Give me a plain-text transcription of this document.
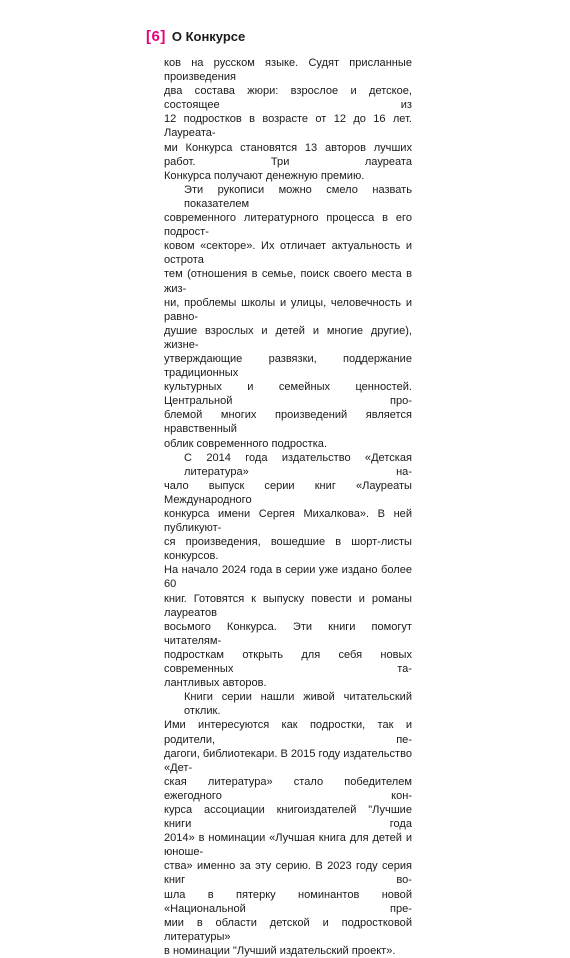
[6] О Конкурсе

ков на русском языке. Судят присланные произведения
два состава жюри: взрослое и детское, состоящее из
12 подростков в возрасте от 12 до 16 лет. Лауреата-
ми Конкурса становятся 13 авторов лучших работ. Три лауреата
Конкурса получают денежную премию.

Эти рукописи можно смело назвать показателем
современного литературного процесса в его подрост-
ковом «секторе». Их отличает актуальность и острота
тем (отношения в семье, поиск своего места в жиз-
ни, проблемы школы и улицы, человечность и равно-
душие взрослых и детей и многие другие), жизне-
утверждающие развязки, поддержание традиционных
культурных и семейных ценностей. Центральной про-
блемой многих произведений является нравственный
облик современного подростка.

С 2014 года издательство «Детская литература» на-
чало выпуск серии книг «Лауреаты Международного
конкурса имени Сергея Михалкова». В ней публикуют-
ся произведения, вошедшие в шорт-листы конкурсов.
На начало 2024 года в серии уже издано более 60
книг. Готовятся к выпуску повести и романы лауреатов
восьмого Конкурса. Эти книги помогут читателям-
подросткам открыть для себя новых современных та-
лантливых авторов.

Книги серии нашли живой читательский отклик.
Ими интересуются как подростки, так и родители, пе-
дагоги, библиотекари. В 2015 году издательство «Дет-
ская литература» стало победителем ежегодного кон-
курса ассоциации книгоиздателей "Лучшие книги года
2014» в номинации «Лучшая книга для детей и юноше-
ства» именно за эту серию. В 2023 году серия книг во-
шла в пятерку номинантов новой «Национальной пре-
мии в области детской и подростковой литературы»
в номинации "Лучший издательский проект».
